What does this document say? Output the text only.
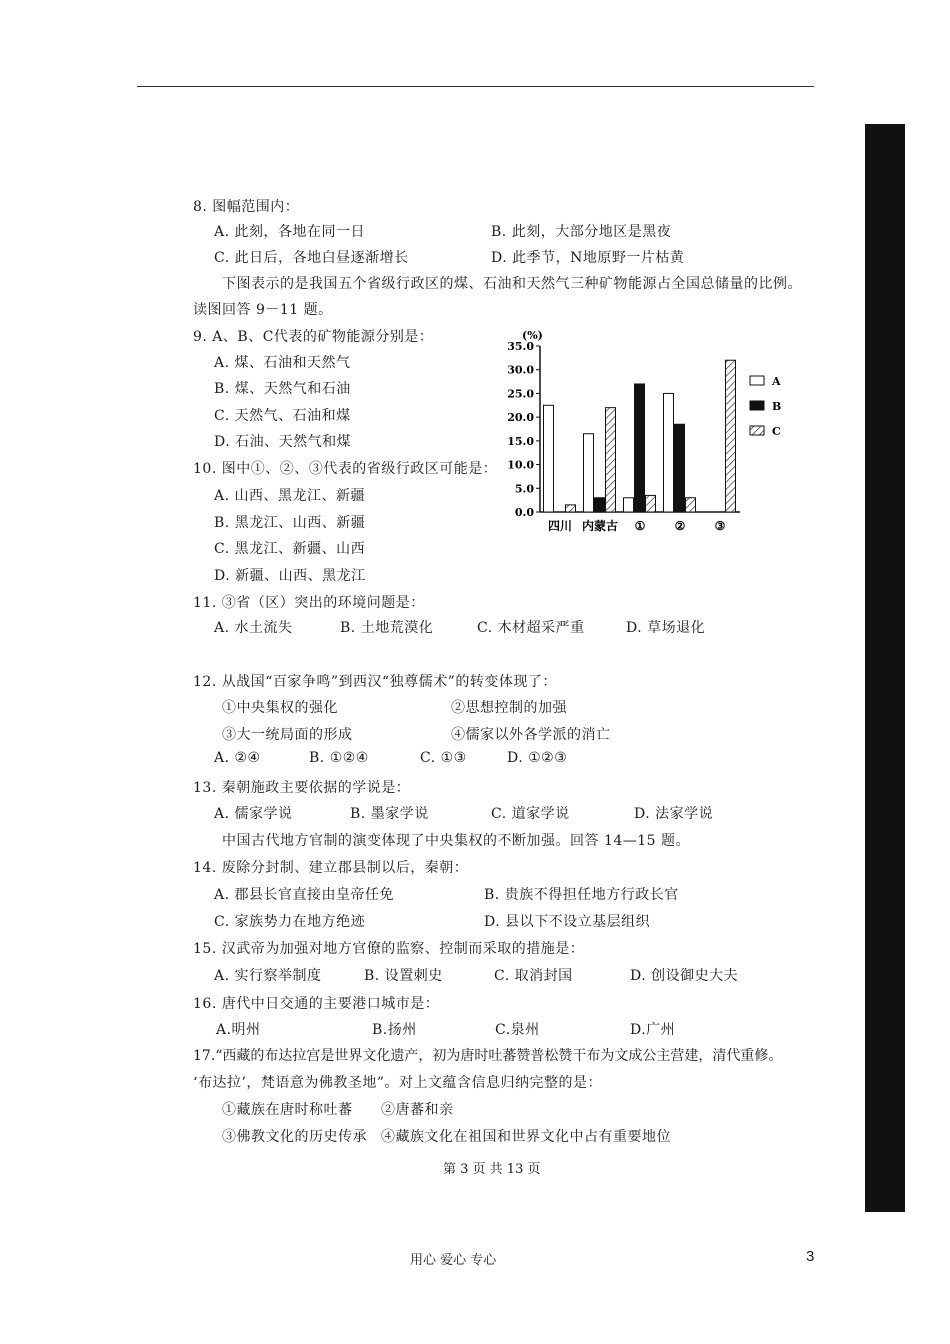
8. 图幅范围内：
A. 此刻，各地在同一日	B. 此刻，大部分地区是黑夜
C. 此日后，各地白昼逐渐增长	D. 此季节，N地原野一片枯黄
下图表示的是我国五个省级行政区的煤、石油和天然气三种矿物能源占全国总储量的比例。
读图回答 9－11 题。
9. A、B、C代表的矿物能源分别是：
A. 煤、石油和天然气
B. 煤、天然气和石油
C. 天然气、石油和煤
D. 石油、天然气和煤
10. 图中①、②、③代表的省级行政区可能是：
A. 山西、黑龙江、新疆
B. 黑龙江、山西、新疆
C. 黑龙江、新疆、山西
D. 新疆、山西、黑龙江
(%)
0.0
5.0
10.0
15.0
20.0
25.0
30.0
35.0
四川 内蒙古 ① ② ③
A
B
C
11. ③省（区）突出的环境问题是：
A. 水土流失	B. 土地荒漠化	C. 木材超采严重	D. 草场退化
12. 从战国“百家争鸣”到西汉“独尊儒术”的转变体现了：
①中央集权的强化	②思想控制的加强
③大一统局面的形成	④儒家以外各学派的消亡
A. ②④	B. ①②④	C. ①③	D. ①②③
13. 秦朝施政主要依据的学说是：
A. 儒家学说	B. 墨家学说	C. 道家学说	D. 法家学说
中国古代地方官制的演变体现了中央集权的不断加强。回答 14—15 题。
14. 废除分封制、建立郡县制以后，秦朝：
A. 郡县长官直接由皇帝任免	B. 贵族不得担任地方行政长官
C. 家族势力在地方绝迹	D. 县以下不设立基层组织
15. 汉武帝为加强对地方官僚的监察、控制而采取的措施是：
A. 实行察举制度	B. 设置刺史	C. 取消封国	D. 创设御史大夫
16. 唐代中日交通的主要港口城市是：
A.明州	B.扬州	C.泉州	D.广州
17.“西藏的布达拉宫是世界文化遗产，初为唐时吐蕃赞普松赞干布为文成公主营建，清代重修。
‘布达拉’，梵语意为佛教圣地”。对上文蕴含信息归纳完整的是：
①藏族在唐时称吐蕃 ②唐蕃和亲
③佛教文化的历史传承 ④藏族文化在祖国和世界文化中占有重要地位
第 3 页 共 13 页
用心 爱心 专心	3
